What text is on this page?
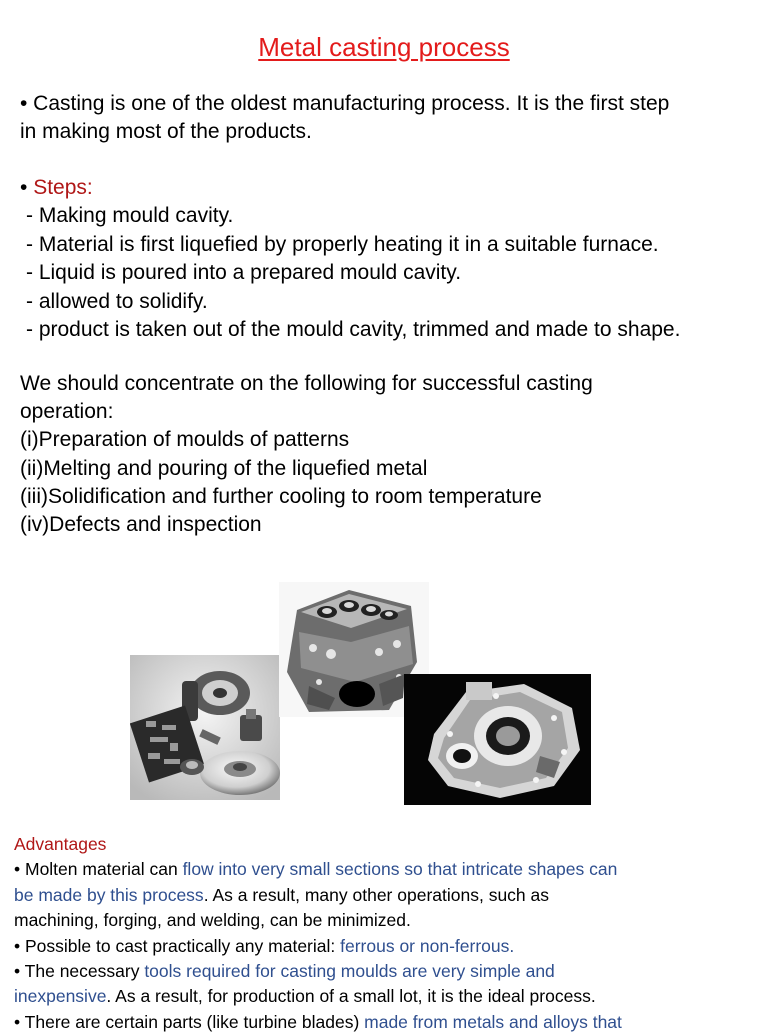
Metal casting process
• Casting is one of the oldest manufacturing process. It is the first step
in making most of the products.
• Steps:
- Making mould cavity.
- Material is first liquefied by properly heating it in a suitable furnace.
- Liquid is poured into a prepared mould cavity.
- allowed to solidify.
- product is taken out of the mould cavity, trimmed and made to shape.
We should concentrate on the following for successful casting
operation:
(i)Preparation of moulds of patterns
(ii)Melting and pouring of the liquefied metal
(iii)Solidification and further cooling to room temperature
(iv)Defects and inspection
Advantages
• Molten material can flow into very small sections so that intricate shapes can
be made by this process. As a result, many other operations, such as
machining, forging, and welding, can be minimized.
• Possible to cast practically any material: ferrous or non-ferrous.
• The necessary tools required for casting moulds are very simple and
inexpensive. As a result, for production of a small lot, it is the ideal process.
• There are certain parts (like turbine blades) made from metals and alloys that
